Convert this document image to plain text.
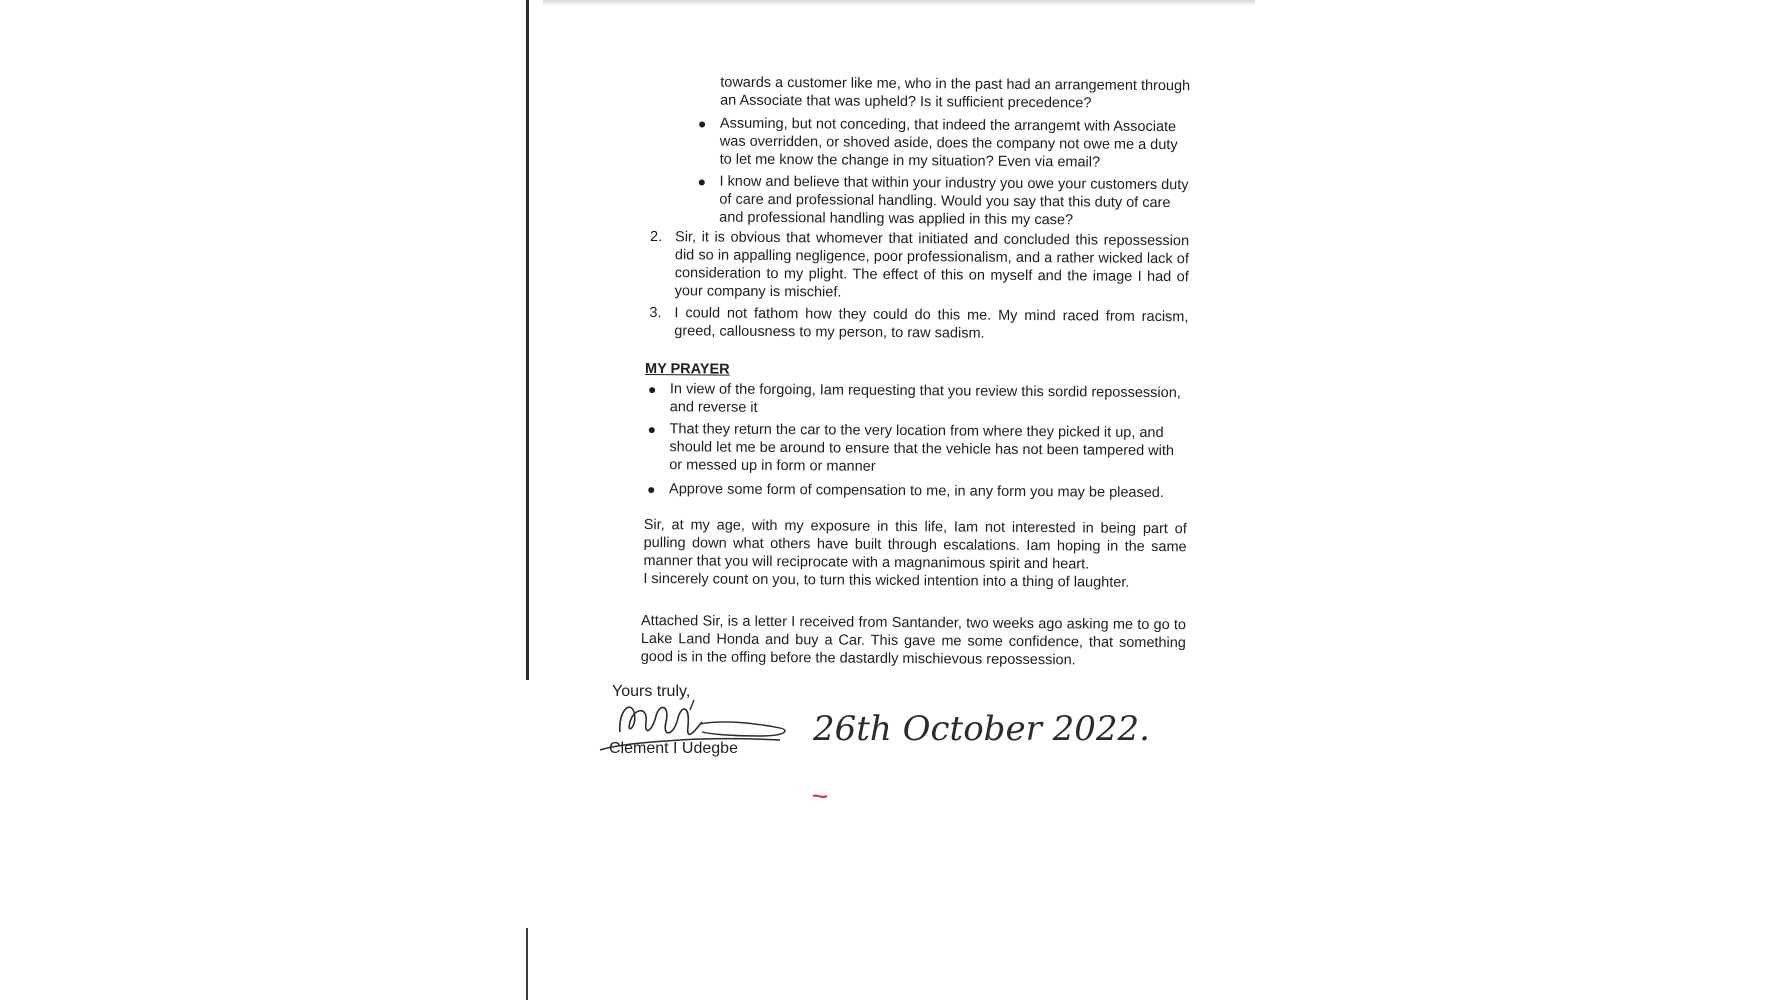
towards a customer like me, who in the past had an arrangement through an Associate that was upheld? Is it sufficient precedence?
● Assuming, but not conceding, that indeed the arrangemt with Associate was overridden, or shoved aside, does the company not owe me a duty to let me know the change in my situation? Even via email?
● I know and believe that within your industry you owe your customers duty of care and professional handling. Would you say that this duty of care and professional handling was applied in this my case?
2. Sir, it is obvious that whomever that initiated and concluded this repossession did so in appalling negligence, poor professionalism, and a rather wicked lack of consideration to my plight. The effect of this on myself and the image I had of your company is mischief.
3. I could not fathom how they could do this me. My mind raced from racism, greed, callousness to my person, to raw sadism.
MY PRAYER
● In view of the forgoing, Iam requesting that you review this sordid repossession, and reverse it
● That they return the car to the very location from where they picked it up, and should let me be around to ensure that the vehicle has not been tampered with or messed up in form or manner
● Approve some form of compensation to me, in any form you may be pleased.
Sir, at my age, with my exposure in this life, Iam not interested in being part of pulling down what others have built through escalations. Iam hoping in the same manner that you will reciprocate with a magnanimous spirit and heart.
I sincerely count on you, to turn this wicked intention into a thing of laughter.
Attached Sir, is a letter I received from Santander, two weeks ago asking me to go to Lake Land Honda and buy a Car. This gave me some confidence, that something good is in the offing before the dastardly mischievous repossession.
Yours truly,
Clement I Udegbe 26th October 2022.
